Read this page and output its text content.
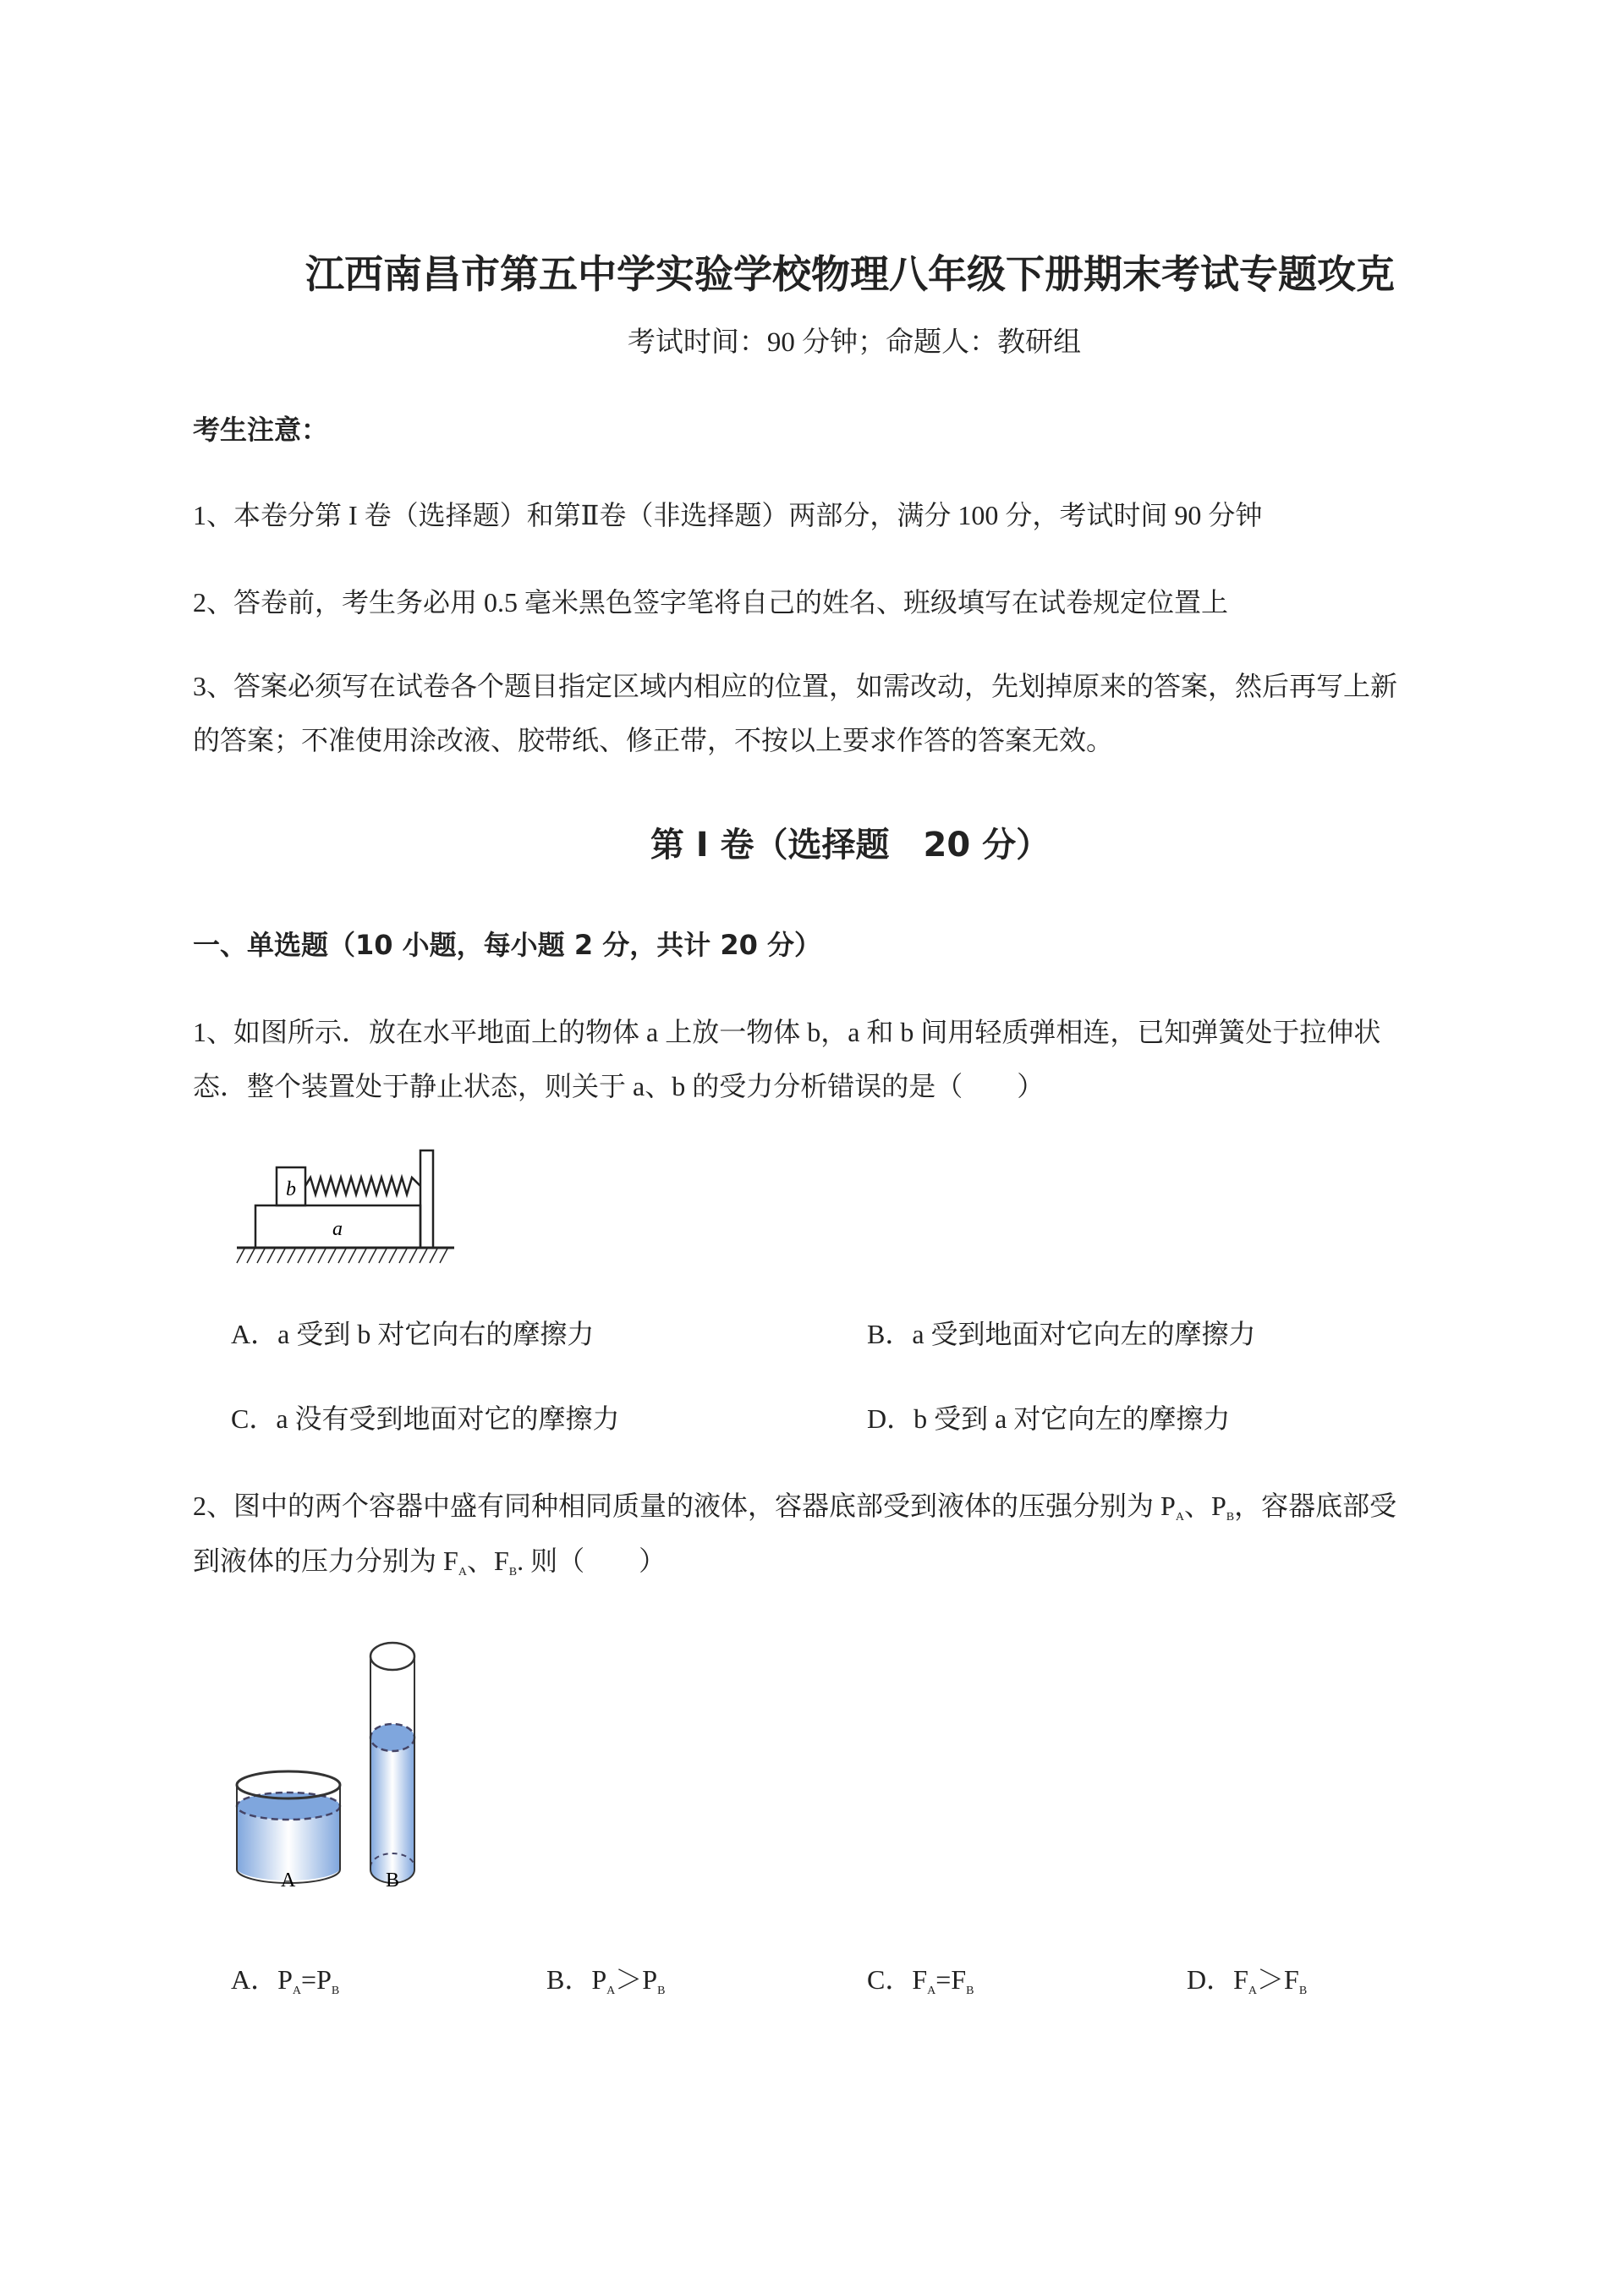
江西南昌市第五中学实验学校物理八年级下册期末考试专题攻克
考试时间：90 分钟；命题人：教研组
考生注意：
1、本卷分第 I 卷（选择题）和第Ⅱ卷（非选择题）两部分，满分 100 分，考试时间 90 分钟
2、答卷前，考生务必用 0.5 毫米黑色签字笔将自己的姓名、班级填写在试卷规定位置上
3、答案必须写在试卷各个题目指定区域内相应的位置，如需改动，先划掉原来的答案，然后再写上新
的答案；不准使用涂改液、胶带纸、修正带，不按以上要求作答的答案无效。
第 I 卷（选择题　20 分）
一、单选题（10 小题，每小题 2 分，共计 20 分）
1、如图所示．放在水平地面上的物体 a 上放一物体 b，a 和 b 间用轻质弹相连，已知弹簧处于拉伸状
态．整个装置处于静止状态，则关于 a、b 的受力分析错误的是（　　）
b
a
A．a 受到 b 对它向右的摩擦力	B．a 受到地面对它向左的摩擦力
C．a 没有受到地面对它的摩擦力	D．b 受到 a 对它向左的摩擦力
2、图中的两个容器中盛有同种相同质量的液体，容器底部受到液体的压强分别为 $P_A$、$P_B$，容器底部受
到液体的压力分别为 $F_A$、$F_B$. 则（　　）
A	B
A．$P_A=P_B$	B．$P_A>P_B$	C．$F_A=F_B$	D．$F_A>F_B$
